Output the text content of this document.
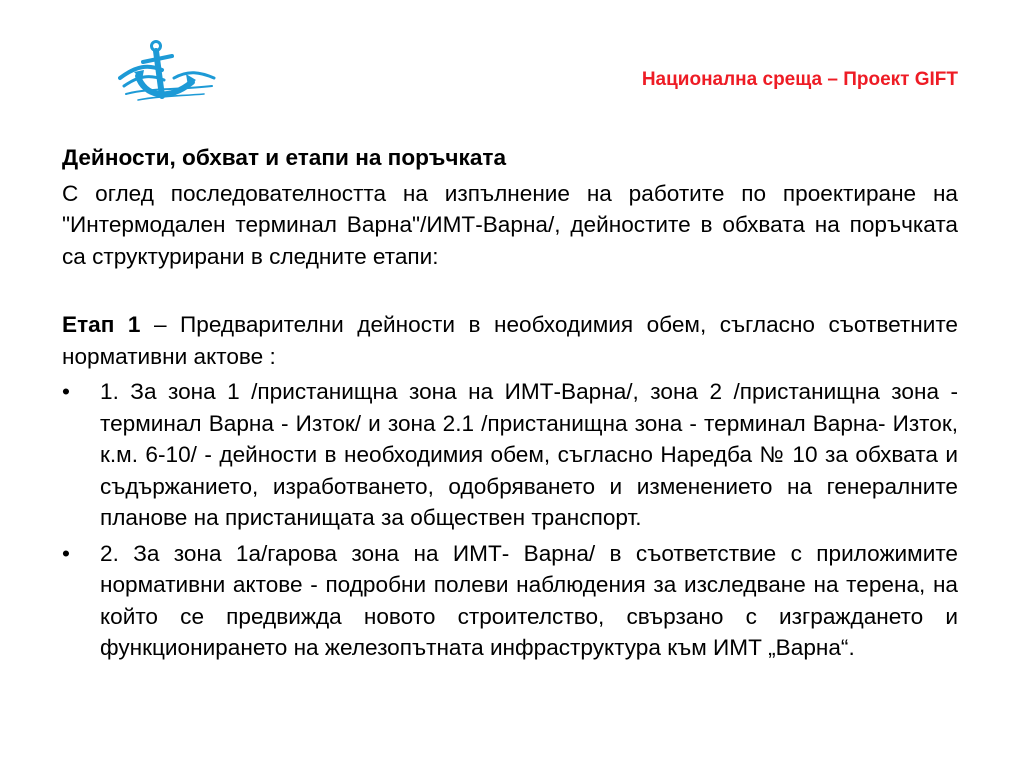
Национална среща – Проект GIFT

Дейности, обхват и етапи на поръчката

С оглед последователността на изпълнение на работите по проектиране на "Интермодален терминал Варна"/ИМТ-Варна/, дейностите в обхвата на поръчката са структурирани в следните етапи:

Етап 1 – Предварителни дейности в необходимия обем, съгласно съответните нормативни актове :

• 1. За зона 1 /пристанищна зона на ИМТ-Варна/, зона 2 /пристанищна зона - терминал Варна - Изток/ и зона 2.1 /пристанищна зона - терминал Варна- Изток, к.м. 6-10/ - дейности в необходимия обем, съгласно Наредба № 10 за обхвата и съдържанието, изработването, одобряването и изменението на генералните планове на пристанищата за обществен транспорт.
• 2. За зона 1а/гарова зона на ИМТ- Варна/ в съответствие с приложимите нормативни актове - подробни полеви наблюдения за изследване на терена, на който се предвижда новото строителство, свързано с изграждането и функционирането на железопътната инфраструктура към ИМТ „Варна“.
